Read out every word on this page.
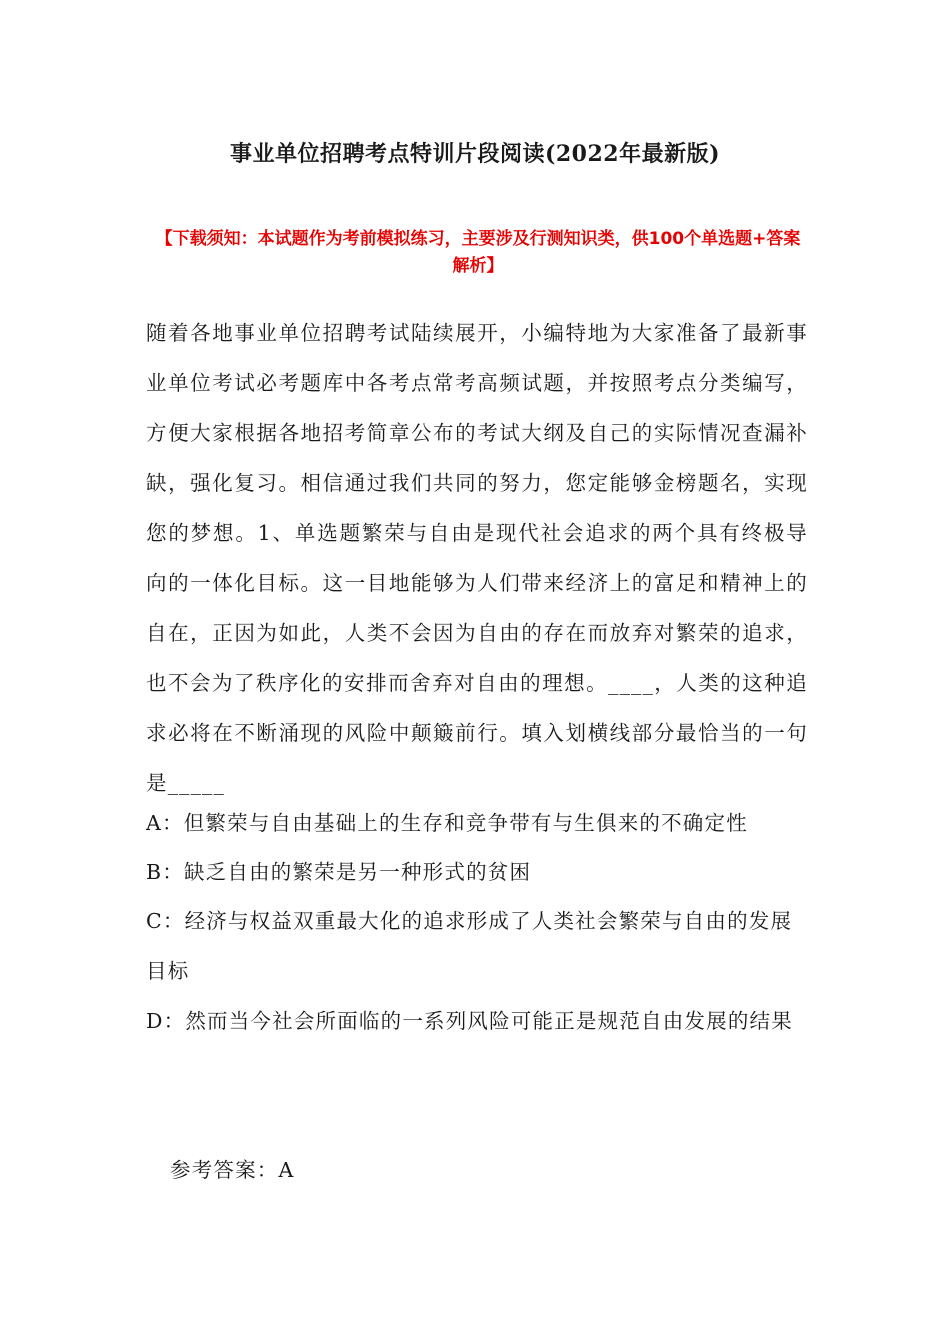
事业单位招聘考点特训片段阅读(2022年最新版)
【下载须知：本试题作为考前模拟练习，主要涉及行测知识类，供100个单选题+答案解析】

随着各地事业单位招聘考试陆续展开，小编特地为大家准备了最新事业单位考试必考题库中各考点常考高频试题，并按照考点分类编写，方便大家根据各地招考简章公布的考试大纲及自己的实际情况查漏补缺，强化复习。相信通过我们共同的努力，您定能够金榜题名，实现您的梦想。1、单选题繁荣与自由是现代社会追求的两个具有终极导向的一体化目标。这一目地能够为人们带来经济上的富足和精神上的自在，正因为如此，人类不会因为自由的存在而放弃对繁荣的追求，也不会为了秩序化的安排而舍弃对自由的理想。____，人类的这种追求必将在不断涌现的风险中颠簸前行。填入划横线部分最恰当的一句是_____

A：但繁荣与自由基础上的生存和竞争带有与生俱来的不确定性

B：缺乏自由的繁荣是另一种形式的贫困

C：经济与权益双重最大化的追求形成了人类社会繁荣与自由的发展目标

D：然而当今社会所面临的一系列风险可能正是规范自由发展的结果

参考答案：A
